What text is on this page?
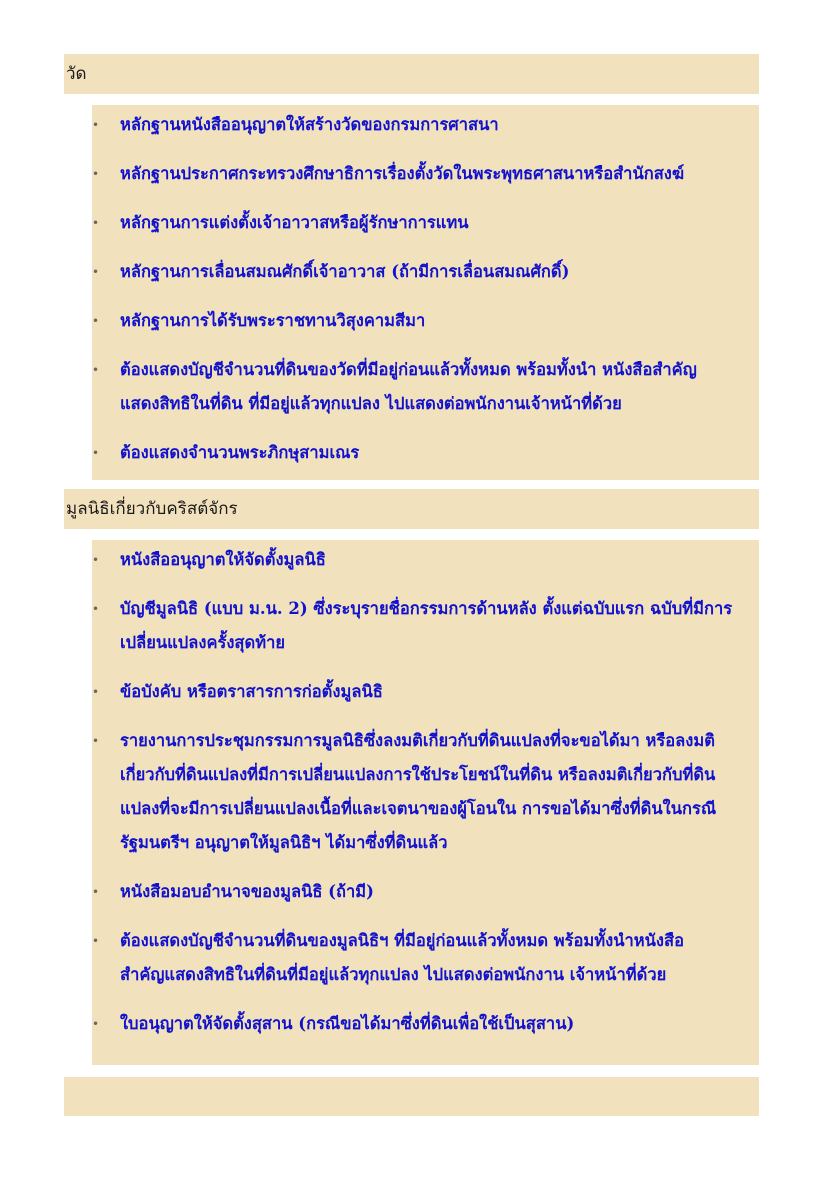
วัด
•	หลักฐานหนังสืออนุญาตให้สร้างวัดของกรมการศาสนา
•	หลักฐานประกาศกระทรวงศึกษาธิการเรื่องตั้งวัดในพระพุทธศาสนาหรือสำนักสงฆ์
•	หลักฐานการแต่งตั้งเจ้าอาวาสหรือผู้รักษาการแทน
•	หลักฐานการเลื่อนสมณศักดิ์เจ้าอาวาส (ถ้ามีการเลื่อนสมณศักดิ์)
•	หลักฐานการได้รับพระราชทานวิสุงคามสีมา
•	ต้องแสดงบัญชีจำนวนที่ดินของวัดที่มีอยู่ก่อนแล้วทั้งหมด พร้อมทั้งนำ หนังสือสำคัญ
แสดงสิทธิในที่ดิน ที่มีอยู่แล้วทุกแปลง ไปแสดงต่อพนักงานเจ้าหน้าที่ด้วย
•	ต้องแสดงจำนวนพระภิกษุสามเณร
มูลนิธิเกี่ยวกับคริสต์จักร
•	หนังสืออนุญาตให้จัดตั้งมูลนิธิ
•	บัญชีมูลนิธิ (แบบ ม.น. 2) ซึ่งระบุรายชื่อกรรมการด้านหลัง ตั้งแต่ฉบับแรก ฉบับที่มีการ
เปลี่ยนแปลงครั้งสุดท้าย
•	ข้อบังคับ หรือตราสารการก่อตั้งมูลนิธิ
•	รายงานการประชุมกรรมการมูลนิธิซึ่งลงมติเกี่ยวกับที่ดินแปลงที่จะขอได้มา หรือลงมติ
เกี่ยวกับที่ดินแปลงที่มีการเปลี่ยนแปลงการใช้ประโยชน์ในที่ดิน หรือลงมติเกี่ยวกับที่ดิน
แปลงที่จะมีการเปลี่ยนแปลงเนื้อที่และเจตนาของผู้โอนใน การขอได้มาซึ่งที่ดินในกรณี
รัฐมนตรีฯ อนุญาตให้มูลนิธิฯ ได้มาซึ่งที่ดินแล้ว
•	หนังสือมอบอำนาจของมูลนิธิ (ถ้ามี)
•	ต้องแสดงบัญชีจำนวนที่ดินของมูลนิธิฯ ที่มีอยู่ก่อนแล้วทั้งหมด พร้อมทั้งนำหนังสือ
สำคัญแสดงสิทธิในที่ดินที่มีอยู่แล้วทุกแปลง ไปแสดงต่อพนักงาน เจ้าหน้าที่ด้วย
•	ใบอนุญาตให้จัดตั้งสุสาน (กรณีขอได้มาซึ่งที่ดินเพื่อใช้เป็นสุสาน)
